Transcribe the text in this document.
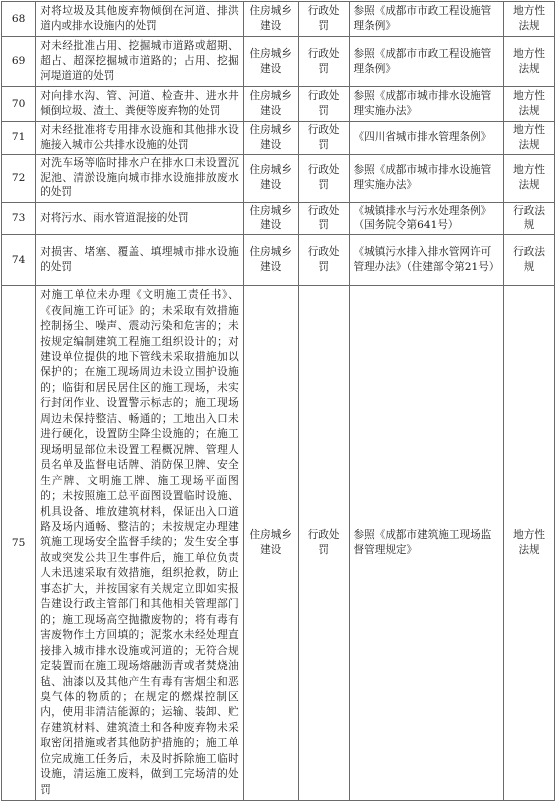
68	对将垃圾及其他废弃物倾倒在河道、排洪道内或排水设施内的处罚	住房城乡建设	行政处罚	参照《成都市市政工程设施管理条例》	地方性法规
69	对未经批准占用、挖掘城市道路或超期、超占、超深挖掘城市道路的；占用、挖掘河堤道道的处罚	住房城乡建设	行政处罚	参照《成都市市政工程设施管理条例》	地方性法规
70	对向排水沟、管、河道、检查井、进水井倾倒垃圾、渣土、粪便等废弃物的处罚	住房城乡建设	行政处罚	参照《成都市城市排水设施管理实施办法》	地方性法规
71	对未经批准将专用排水设施和其他排水设施接入城市公共排水设施的处罚	住房城乡建设	行政处罚	《四川省城市排水管理条例》	地方性法规
72	对洗车场等临时排水户在排水口未设置沉泥池、清淤设施向城市排水设施排放废水的处罚	住房城乡建设	行政处罚	参照《成都市城市排水设施管理实施办法》	地方性法规
73	对将污水、雨水管道混接的处罚	住房城乡建设	行政处罚	《城镇排水与污水处理条例》（国务院令第641号）	行政法规
74	对损害、堵塞、覆盖、填埋城市排水设施的处罚	住房城乡建设	行政处罚	《城镇污水排入排水管网许可管理办法》（住建部令第21号）	行政法规
75	对施工单位未办理《文明施工责任书》、《夜间施工许可证》的；未采取有效措施控制扬尘、噪声、震动污染和危害的；未按规定编制建筑工程施工组织设计的；对建设单位提供的地下管线未采取措施加以保护的；在施工现场周边未设立围护设施的；临街和居民居住区的施工现场，未实行封闭作业、设置警示标志的；施工现场周边未保持整洁、畅通的；工地出入口未进行硬化，设置防尘降尘设施的；在施工现场明显部位未设置工程概况牌、管理人员名单及监督电话牌、消防保卫牌、安全生产牌、文明施工牌、施工现场平面图的；未按照施工总平面图设置临时设施、机具设备、堆放建筑材料，保证出入口道路及场内通畅、整洁的；未按规定办理建筑施工现场安全监督手续的；发生安全事故或突发公共卫生事件后，施工单位负责人未迅速采取有效措施，组织抢救，防止事态扩大，并按国家有关规定立即如实报告建设行政主管部门和其他相关管理部门的；施工现场高空抛撒废物的；将有毒有害废物作土方回填的；泥浆水未经处理直接排入城市排水设施或河道的；无符合规定装置而在施工现场熔融沥青或者焚烧油毡、油漆以及其他产生有毒有害烟尘和恶臭气体的物质的；在规定的燃煤控制区内，使用非清洁能源的；运输、装卸、贮存建筑材料、建筑渣土和各种废弃物未采取密闭措施或者其他防护措施的；施工单位完成施工任务后，未及时拆除施工临时设施，清运施工废料，做到工完场清的处罚	住房城乡建设	行政处罚	参照《成都市建筑施工现场监督管理规定》	地方性法规
